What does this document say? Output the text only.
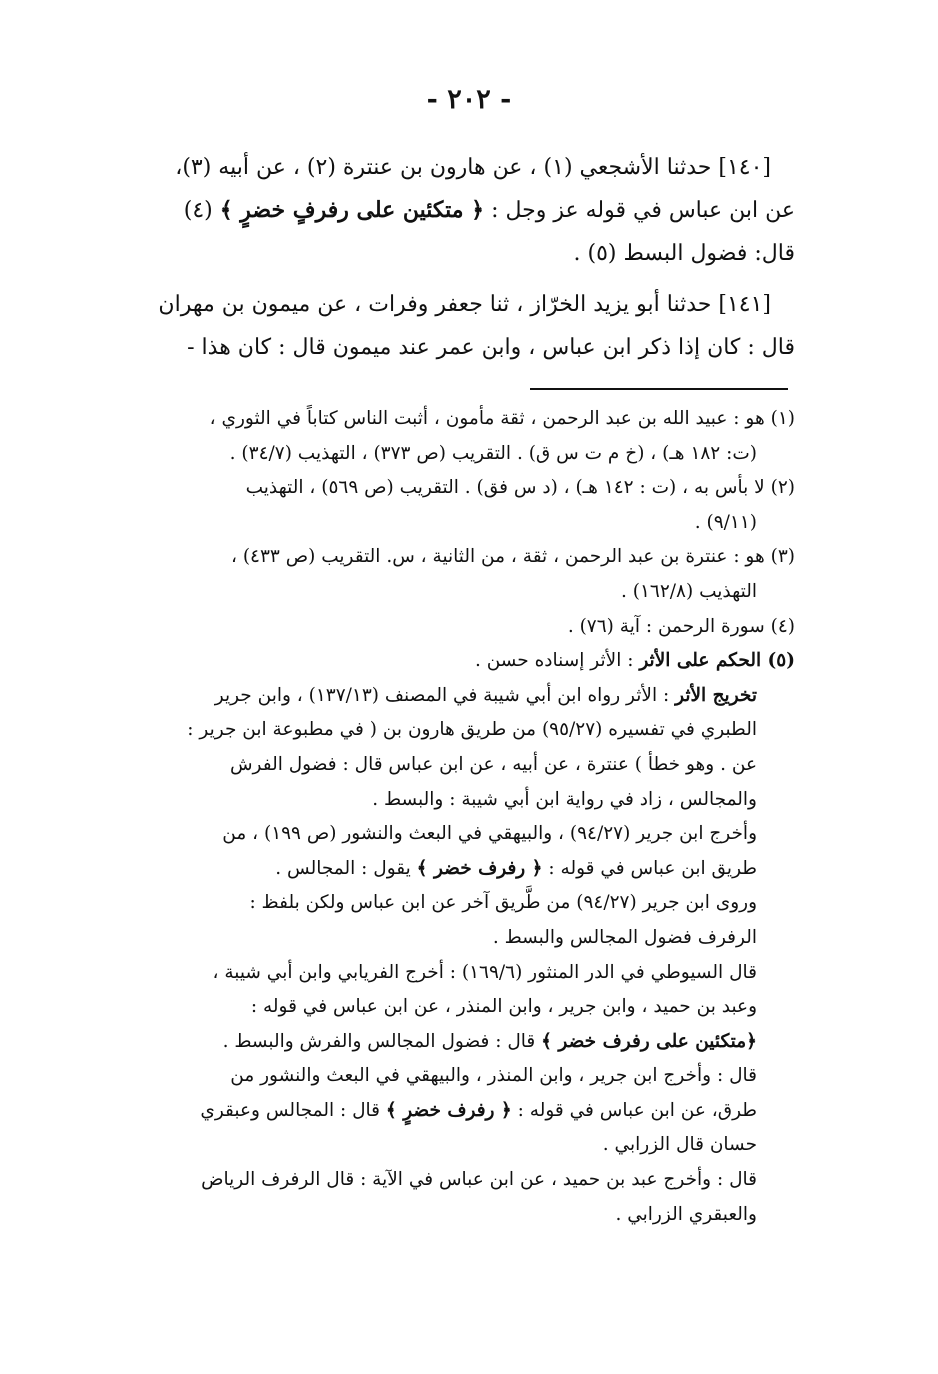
- ٢٠٢ -

[١٤٠] حدثنا الأشجعي (١) ، عن هارون بن عنترة (٢) ، عن أبيه (٣)،
عن ابن عباس في قوله عز وجل : ﴿ متكئين على رفرفٍ خضرٍ ﴾ (٤)
قال: فضول البسط (٥) .

[١٤١] حدثنا أبو يزيد الخرّاز ، ثنا جعفر وفرات ، عن ميمون بن مهران
قال : كان إذا ذكر ابن عباس ، وابن عمر عند ميمون قال : كان هذا -

(١) هو : عبيد الله بن عبد الرحمن ، ثقة مأمون ، أثبت الناس كتاباً في الثوري ،
(ت: ١٨٢ هـ) ، (خ م ت س ق) . التقريب (ص ٣٧٣) ، التهذيب (٣٤/٧) .
(٢) لا بأس به ، (ت : ١٤٢ هـ) ، (د س فق) . التقريب (ص ٥٦٩) ، التهذيب
(٩/١١) .
(٣) هو : عنترة بن عبد الرحمن ، ثقة ، من الثانية ، س. التقريب (ص ٤٣٣) ،
التهذيب (١٦٢/٨) .
(٤) سورة الرحمن : آية (٧٦) .
(٥) الحكم على الأثر : الأثر إسناده حسن .
تخريج الأثر : الأثر رواه ابن أبي شيبة في المصنف (١٣٧/١٣) ، وابن جرير
الطبري في تفسيره (٩٥/٢٧) من طريق هارون بن ( في مطبوعة ابن جرير :
عن . وهو خطأ ) عنترة ، عن أبيه ، عن ابن عباس قال : فضول الفرش
والمجالس ، زاد في رواية ابن أبي شيبة : والبسط .
وأخرج ابن جرير (٩٤/٢٧) ، والبيهقي في البعث والنشور (ص ١٩٩) ، من
طريق ابن عباس في قوله : ﴿ رفرف خضر ﴾ يقول : المجالس .
وروى ابن جرير (٩٤/٢٧) من طَّريق آخر عن ابن عباس ولكن بلفظ :
الرفرف فضول المجالس والبسط .
قال السيوطي في الدر المنثور (١٦٩/٦) : أخرج الفريابي وابن أبي شيبة ،
وعبد بن حميد ، وابن جرير ، وابن المنذر ، عن ابن عباس في قوله :
﴿متكئين على رفرف خضر ﴾ قال : فضول المجالس والفرش والبسط .
قال : وأخرج ابن جرير ، وابن المنذر ، والبيهقي في البعث والنشور من
طرق، عن ابن عباس في قوله : ﴿ رفرف خضرٍ ﴾ قال : المجالس وعبقري
حسان قال الزرابي .
قال : وأخرج عبد بن حميد ، عن ابن عباس في الآية : قال الرفرف الرياض
والعبقري الزرابي .
